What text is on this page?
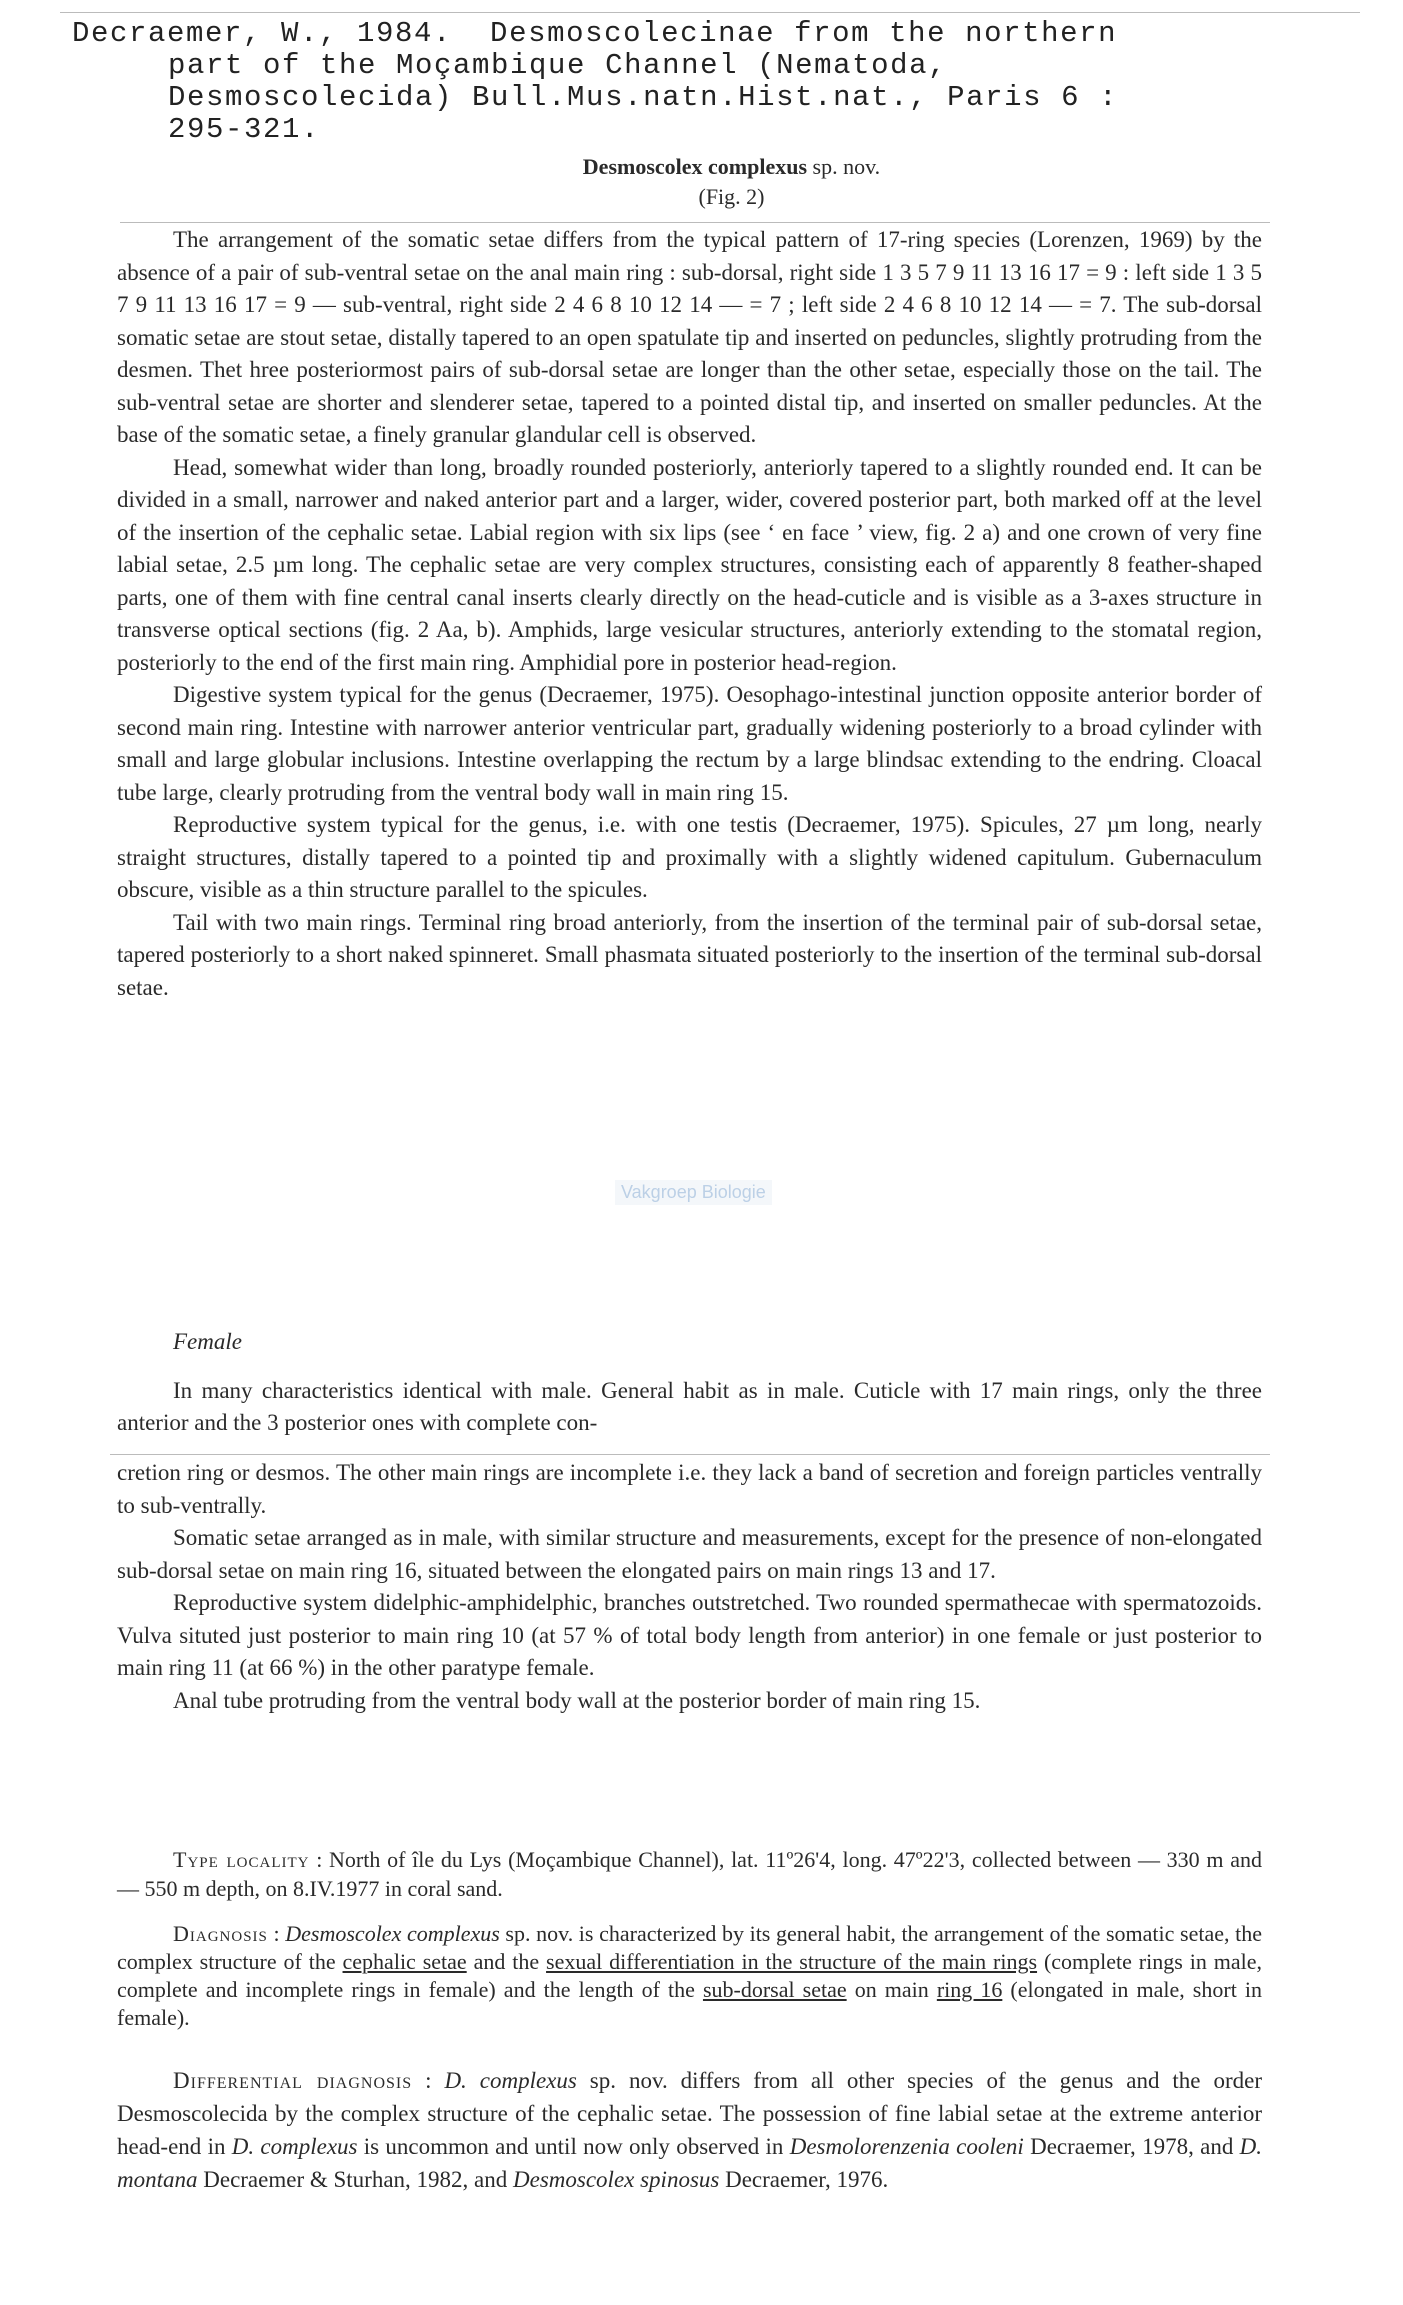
Decraemer, W., 1984.  Desmoscolecinae from the northern
part of the Moçambique Channel (Nematoda,
Desmoscolecida) Bull.Mus.natn.Hist.nat., Paris 6 :
295-321.
Desmoscolex complexus sp. nov.
(Fig. 2)

The arrangement of the somatic setae differs from the typical pattern of 17-ring species (Lorenzen, 1969) by the absence of a pair of sub-ventral setae on the anal main ring : sub-dorsal, right side 1 3 5 7 9 11 13 16 17 = 9 : left side 1 3 5 7 9 11 13 16 17 = 9 — sub-ventral, right side 2 4 6 8 10 12 14 — = 7 ; left side 2 4 6 8 10 12 14 — = 7. The sub-dorsal somatic setae are stout setae, distally tapered to an open spatulate tip and inserted on peduncles, slightly protruding from the desmen. Thet hree posteriormost pairs of sub-dorsal setae are longer than the other setae, especially those on the tail. The sub-ventral setae are shorter and slenderer setae, tapered to a pointed distal tip, and inserted on smaller peduncles. At the base of the somatic setae, a finely granular glandular cell is observed.

Head, somewhat wider than long, broadly rounded posteriorly, anteriorly tapered to a slightly rounded end. It can be divided in a small, narrower and naked anterior part and a larger, wider, covered posterior part, both marked off at the level of the insertion of the cephalic setae. Labial region with six lips (see ‘ en face ’ view, fig. 2 a) and one crown of very fine labial setae, 2.5 µm long. The cephalic setae are very complex structures, consisting each of apparently 8 feather-shaped parts, one of them with fine central canal inserts clearly directly on the head-cuticle and is visible as a 3-axes structure in transverse optical sections (fig. 2 Aa, b). Amphids, large vesicular structures, anteriorly extending to the stomatal region, posteriorly to the end of the first main ring. Amphidial pore in posterior head-region.

Digestive system typical for the genus (Decraemer, 1975). Oesophago-intestinal junction opposite anterior border of second main ring. Intestine with narrower anterior ventricular part, gradually widening posteriorly to a broad cylinder with small and large globular inclusions. Intestine overlapping the rectum by a large blindsac extending to the endring. Cloacal tube large, clearly protruding from the ventral body wall in main ring 15.

Reproductive system typical for the genus, i.e. with one testis (Decraemer, 1975). Spicules, 27 µm long, nearly straight structures, distally tapered to a pointed tip and proximally with a slightly widened capitulum. Gubernaculum obscure, visible as a thin structure parallel to the spicules.

Tail with two main rings. Terminal ring broad anteriorly, from the insertion of the terminal pair of sub-dorsal setae, tapered posteriorly to a short naked spinneret. Small phasmata situated posteriorly to the insertion of the terminal sub-dorsal setae.

Vakgroep Biologie

Female

In many characteristics identical with male. General habit as in male. Cuticle with 17 main rings, only the three anterior and the 3 posterior ones with complete con-

cretion ring or desmos. The other main rings are incomplete i.e. they lack a band of secretion and foreign particles ventrally to sub-ventrally.

Somatic setae arranged as in male, with similar structure and measurements, except for the presence of non-elongated sub-dorsal setae on main ring 16, situated between the elongated pairs on main rings 13 and 17.

Reproductive system didelphic-amphidelphic, branches outstretched. Two rounded spermathecae with spermatozoids. Vulva situted just posterior to main ring 10 (at 57 % of total body length from anterior) in one female or just posterior to main ring 11 (at 66 %) in the other paratype female.

Anal tube protruding from the ventral body wall at the posterior border of main ring 15.

Type locality : North of île du Lys (Moçambique Channel), lat. 11º26'4, long. 47º22'3, collected between — 330 m and — 550 m depth, on 8.IV.1977 in coral sand.

Diagnosis : Desmoscolex complexus sp. nov. is characterized by its general habit, the arrangement of the somatic setae, the complex structure of the cephalic setae and the sexual differentiation in the structure of the main rings (complete rings in male, complete and incomplete rings in female) and the length of the sub-dorsal setae on main ring 16 (elongated in male, short in female).

Differential diagnosis : D. complexus sp. nov. differs from all other species of the genus and the order Desmoscolecida by the complex structure of the cephalic setae. The possession of fine labial setae at the extreme anterior head-end in D. complexus is uncommon and until now only observed in Desmolorenzenia cooleni Decraemer, 1978, and D. montana Decraemer & Sturhan, 1982, and Desmoscolex spinosus Decraemer, 1976.
